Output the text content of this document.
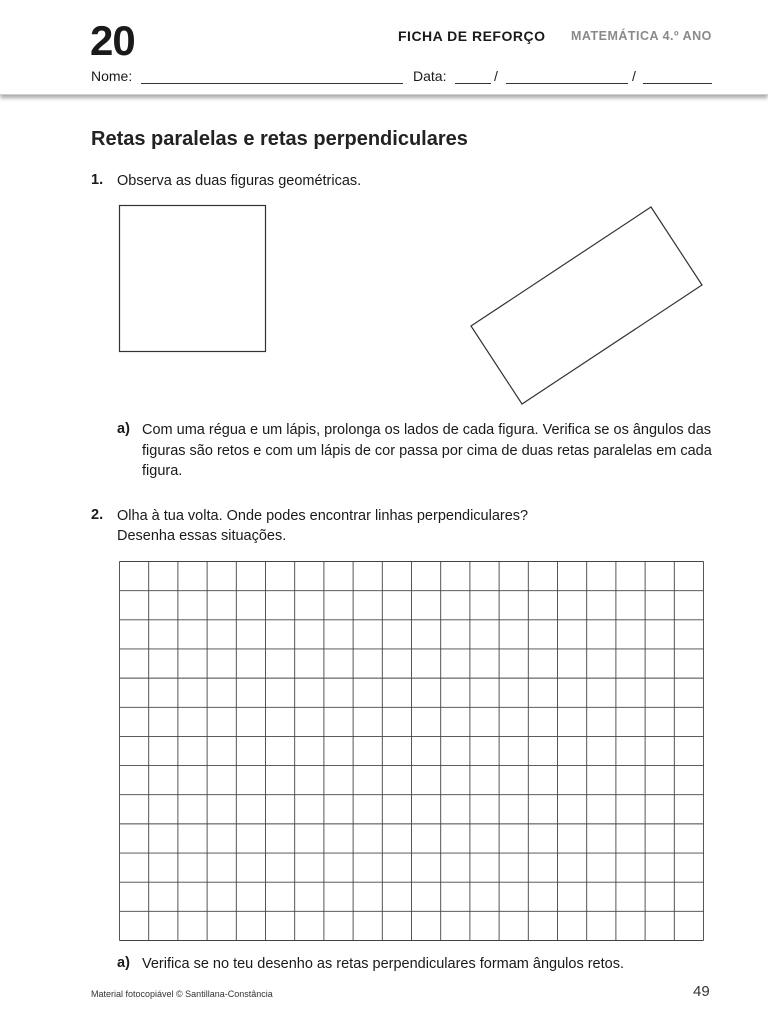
20	FICHA DE REFORÇO MATEMÁTICA 4.º ANO
Nome:	Data:	/	/
Retas paralelas e retas perpendiculares
1. Observa as duas figuras geométricas.
a) Com uma régua e um lápis, prolonga os lados de cada figura. Verifica se os ângulos das figuras são retos e com um lápis de cor passa por cima de duas retas paralelas em cada figura.
2. Olha à tua volta. Onde podes encontrar linhas perpendiculares?
Desenha essas situações.
a) Verifica se no teu desenho as retas perpendiculares formam ângulos retos.
Material fotocopiável © Santillana-Constância	49
